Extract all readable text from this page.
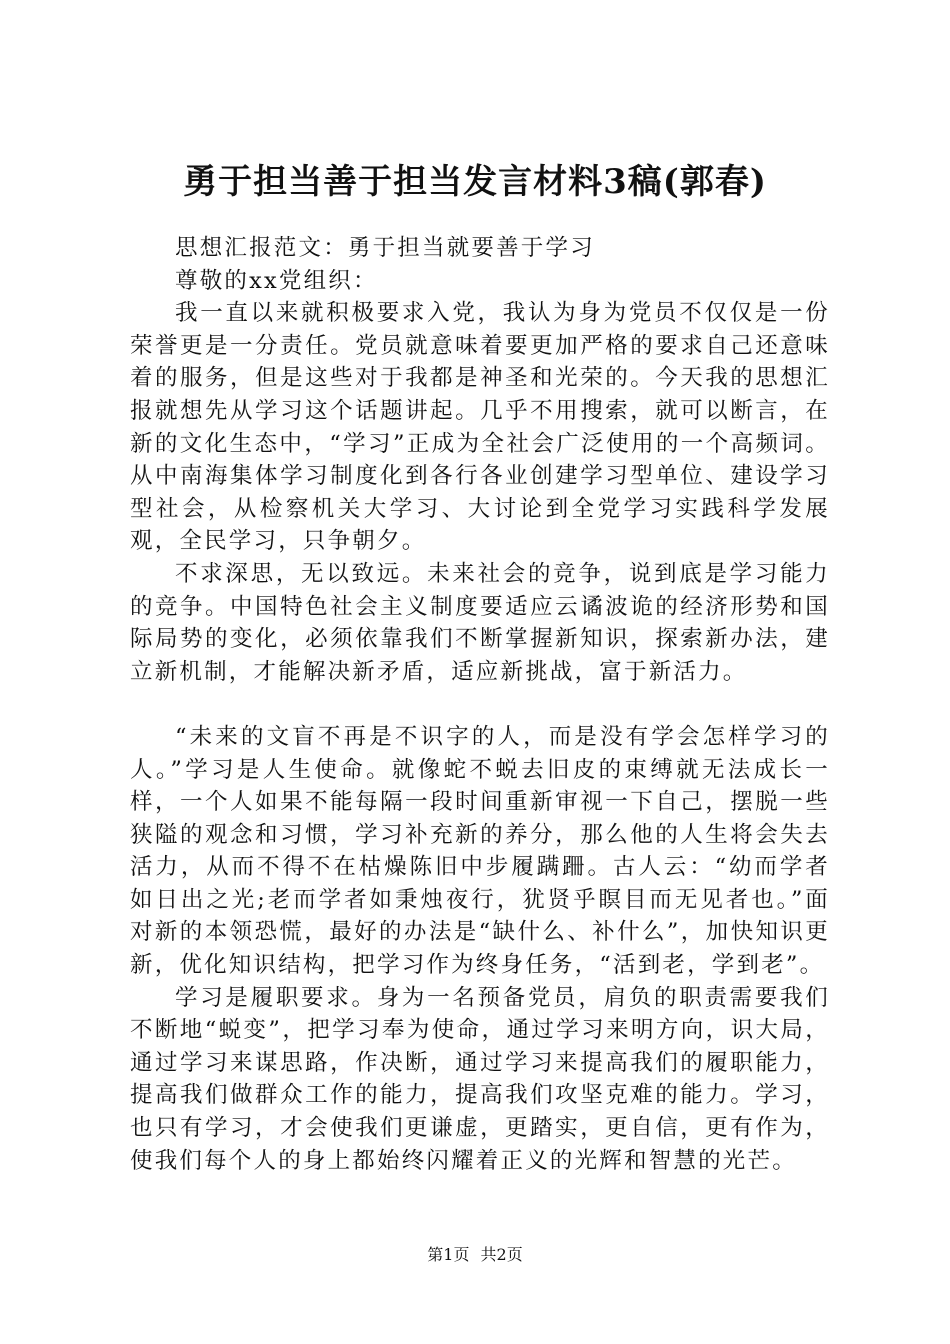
勇于担当善于担当发言材料3稿(郭春)

思想汇报范文：勇于担当就要善于学习

尊敬的xx党组织：

我一直以来就积极要求入党，我认为身为党员不仅仅是一份荣誉更是一分责任。党员就意味着要更加严格的要求自己还意味着的服务，但是这些对于我都是神圣和光荣的。今天我的思想汇报就想先从学习这个话题讲起。几乎不用搜索，就可以断言，在新的文化生态中，“学习”正成为全社会广泛使用的一个高频词。从中南海集体学习制度化到各行各业创建学习型单位、建设学习型社会，从检察机关大学习、大讨论到全党学习实践科学发展观，全民学习，只争朝夕。

不求深思，无以致远。未来社会的竞争，说到底是学习能力的竞争。中国特色社会主义制度要适应云谲波诡的经济形势和国际局势的变化，必须依靠我们不断掌握新知识，探索新办法，建立新机制，才能解决新矛盾，适应新挑战，富于新活力。

“未来的文盲不再是不识字的人，而是没有学会怎样学习的人。”学习是人生使命。就像蛇不蜕去旧皮的束缚就无法成长一样，一个人如果不能每隔一段时间重新审视一下自己，摆脱一些狭隘的观念和习惯，学习补充新的养分，那么他的人生将会失去活力，从而不得不在枯燥陈旧中步履蹒跚。古人云：“幼而学者如日出之光;老而学者如秉烛夜行，犹贤乎瞑目而无见者也。”面对新的本领恐慌，最好的办法是“缺什么、补什么”，加快知识更新，优化知识结构，把学习作为终身任务，“活到老，学到老”。

学习是履职要求。身为一名预备党员，肩负的职责需要我们不断地“蜕变”，把学习奉为使命，通过学习来明方向，识大局，通过学习来谋思路，作决断，通过学习来提高我们的履职能力，提高我们做群众工作的能力，提高我们攻坚克难的能力。学习，也只有学习，才会使我们更谦虚，更踏实，更自信，更有作为，使我们每个人的身上都始终闪耀着正义的光辉和智慧的光芒。

第1页 共2页
